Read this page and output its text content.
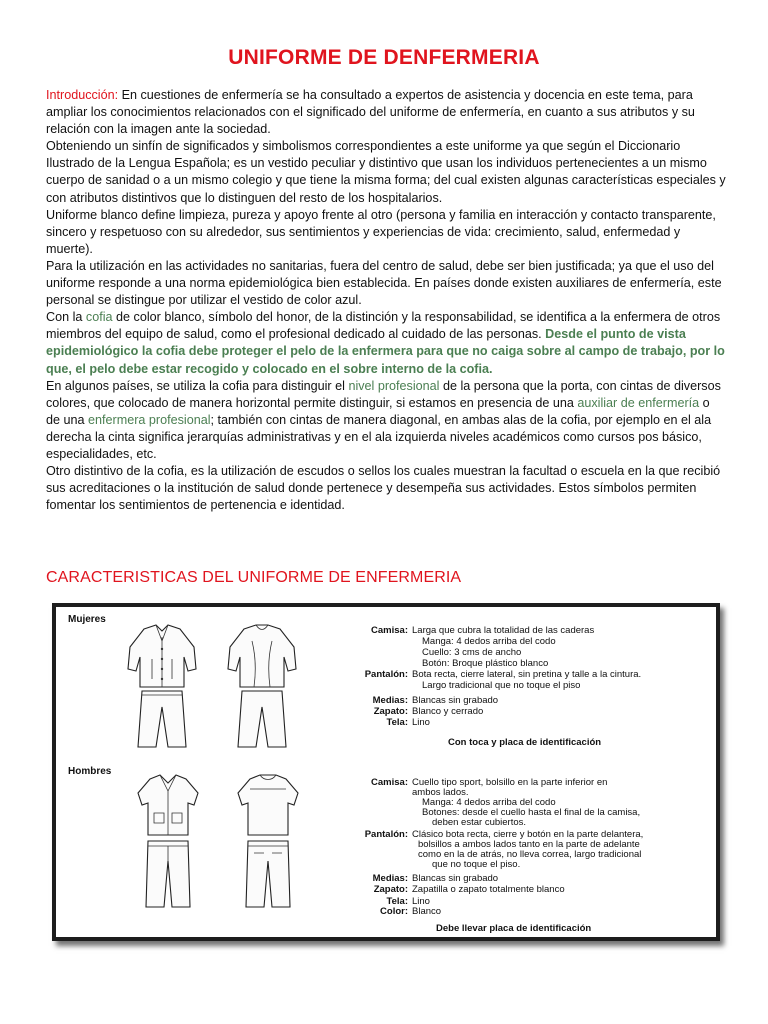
UNIFORME DE DENFERMERIA

Introducción: En cuestiones de enfermería se ha consultado a expertos de asistencia y docencia en este tema, para ampliar los conocimientos relacionados con el significado del uniforme de enfermería, en cuanto a sus atributos y su relación con la imagen ante la sociedad.

Obteniendo un sinfín de significados y simbolismos correspondientes a este uniforme ya que según el Diccionario Ilustrado de la Lengua Española; es un vestido peculiar y distintivo que usan los individuos pertenecientes a un mismo cuerpo de sanidad o a un mismo colegio y que tiene la misma forma; del cual existen algunas características especiales y con atributos distintivos que lo distinguen del resto de los hospitalarios.

Uniforme blanco define limpieza, pureza y apoyo frente al otro (persona y familia en interacción y contacto transparente, sincero y respetuoso con su alrededor, sus sentimientos y experiencias de vida: crecimiento, salud, enfermedad y muerte).

Para la utilización en las actividades no sanitarias, fuera del centro de salud, debe ser bien justificada; ya que el uso del uniforme responde a una norma epidemiológica bien establecida. En países donde existen auxiliares de enfermería, este personal se distingue por utilizar el vestido de color azul.

Con la cofia de color blanco, símbolo del honor, de la distinción y la responsabilidad, se identifica a la enfermera de otros miembros del equipo de salud, como el profesional dedicado al cuidado de las personas. Desde el punto de vista epidemiológico la cofia debe proteger el pelo de la enfermera para que no caiga sobre al campo de trabajo, por lo que, el pelo debe estar recogido y colocado en el sobre interno de la cofia.

En algunos países, se utiliza la cofia para distinguir el nivel profesional de la persona que la porta, con cintas de diversos colores, que colocado de manera horizontal permite distinguir, si estamos en presencia de una auxiliar de enfermería o de una enfermera profesional; también con cintas de manera diagonal, en ambas alas de la cofia, por ejemplo en el ala derecha la cinta significa jerarquías administrativas y en el ala izquierda niveles académicos como cursos pos básico, especialidades, etc.

Otro distintivo de la cofia, es la utilización de escudos o sellos los cuales muestran la facultad o escuela en la que recibió sus acreditaciones o la institución de salud donde pertenece y desempeña sus actividades. Estos símbolos permiten fomentar los sentimientos de pertenencia e identidad.

CARACTERISTICAS DEL UNIFORME DE ENFERMERIA
Mujeres
Camisa: Larga que cubra la totalidad de las caderas
Manga: 4 dedos arriba del codo
Cuello: 3 cms de ancho
Botón: Broque plástico blanco
Pantalón: Bota recta, cierre lateral, sin pretina y talle a la cintura.
Largo tradicional que no toque el piso
Medias: Blancas sin grabado
Zapato: Blanco y cerrado
Tela: Lino
Con toca y placa de identificación
Hombres
Camisa: Cuello tipo sport, bolsillo en la parte inferior en
ambos lados.
Manga: 4 dedos arriba del codo
Botones: desde el cuello hasta el final de la camisa,
deben estar cubiertos.
Pantalón: Clásico bota recta, cierre y botón en la parte delantera,
bolsillos a ambos lados tanto en la parte de adelante
como en la de atrás, no lleva correa, largo tradicional
que no toque el piso.
Medias: Blancas sin grabado
Zapato: Zapatilla o zapato totalmente blanco
Tela: Lino
Color: Blanco
Debe llevar placa de identificación
